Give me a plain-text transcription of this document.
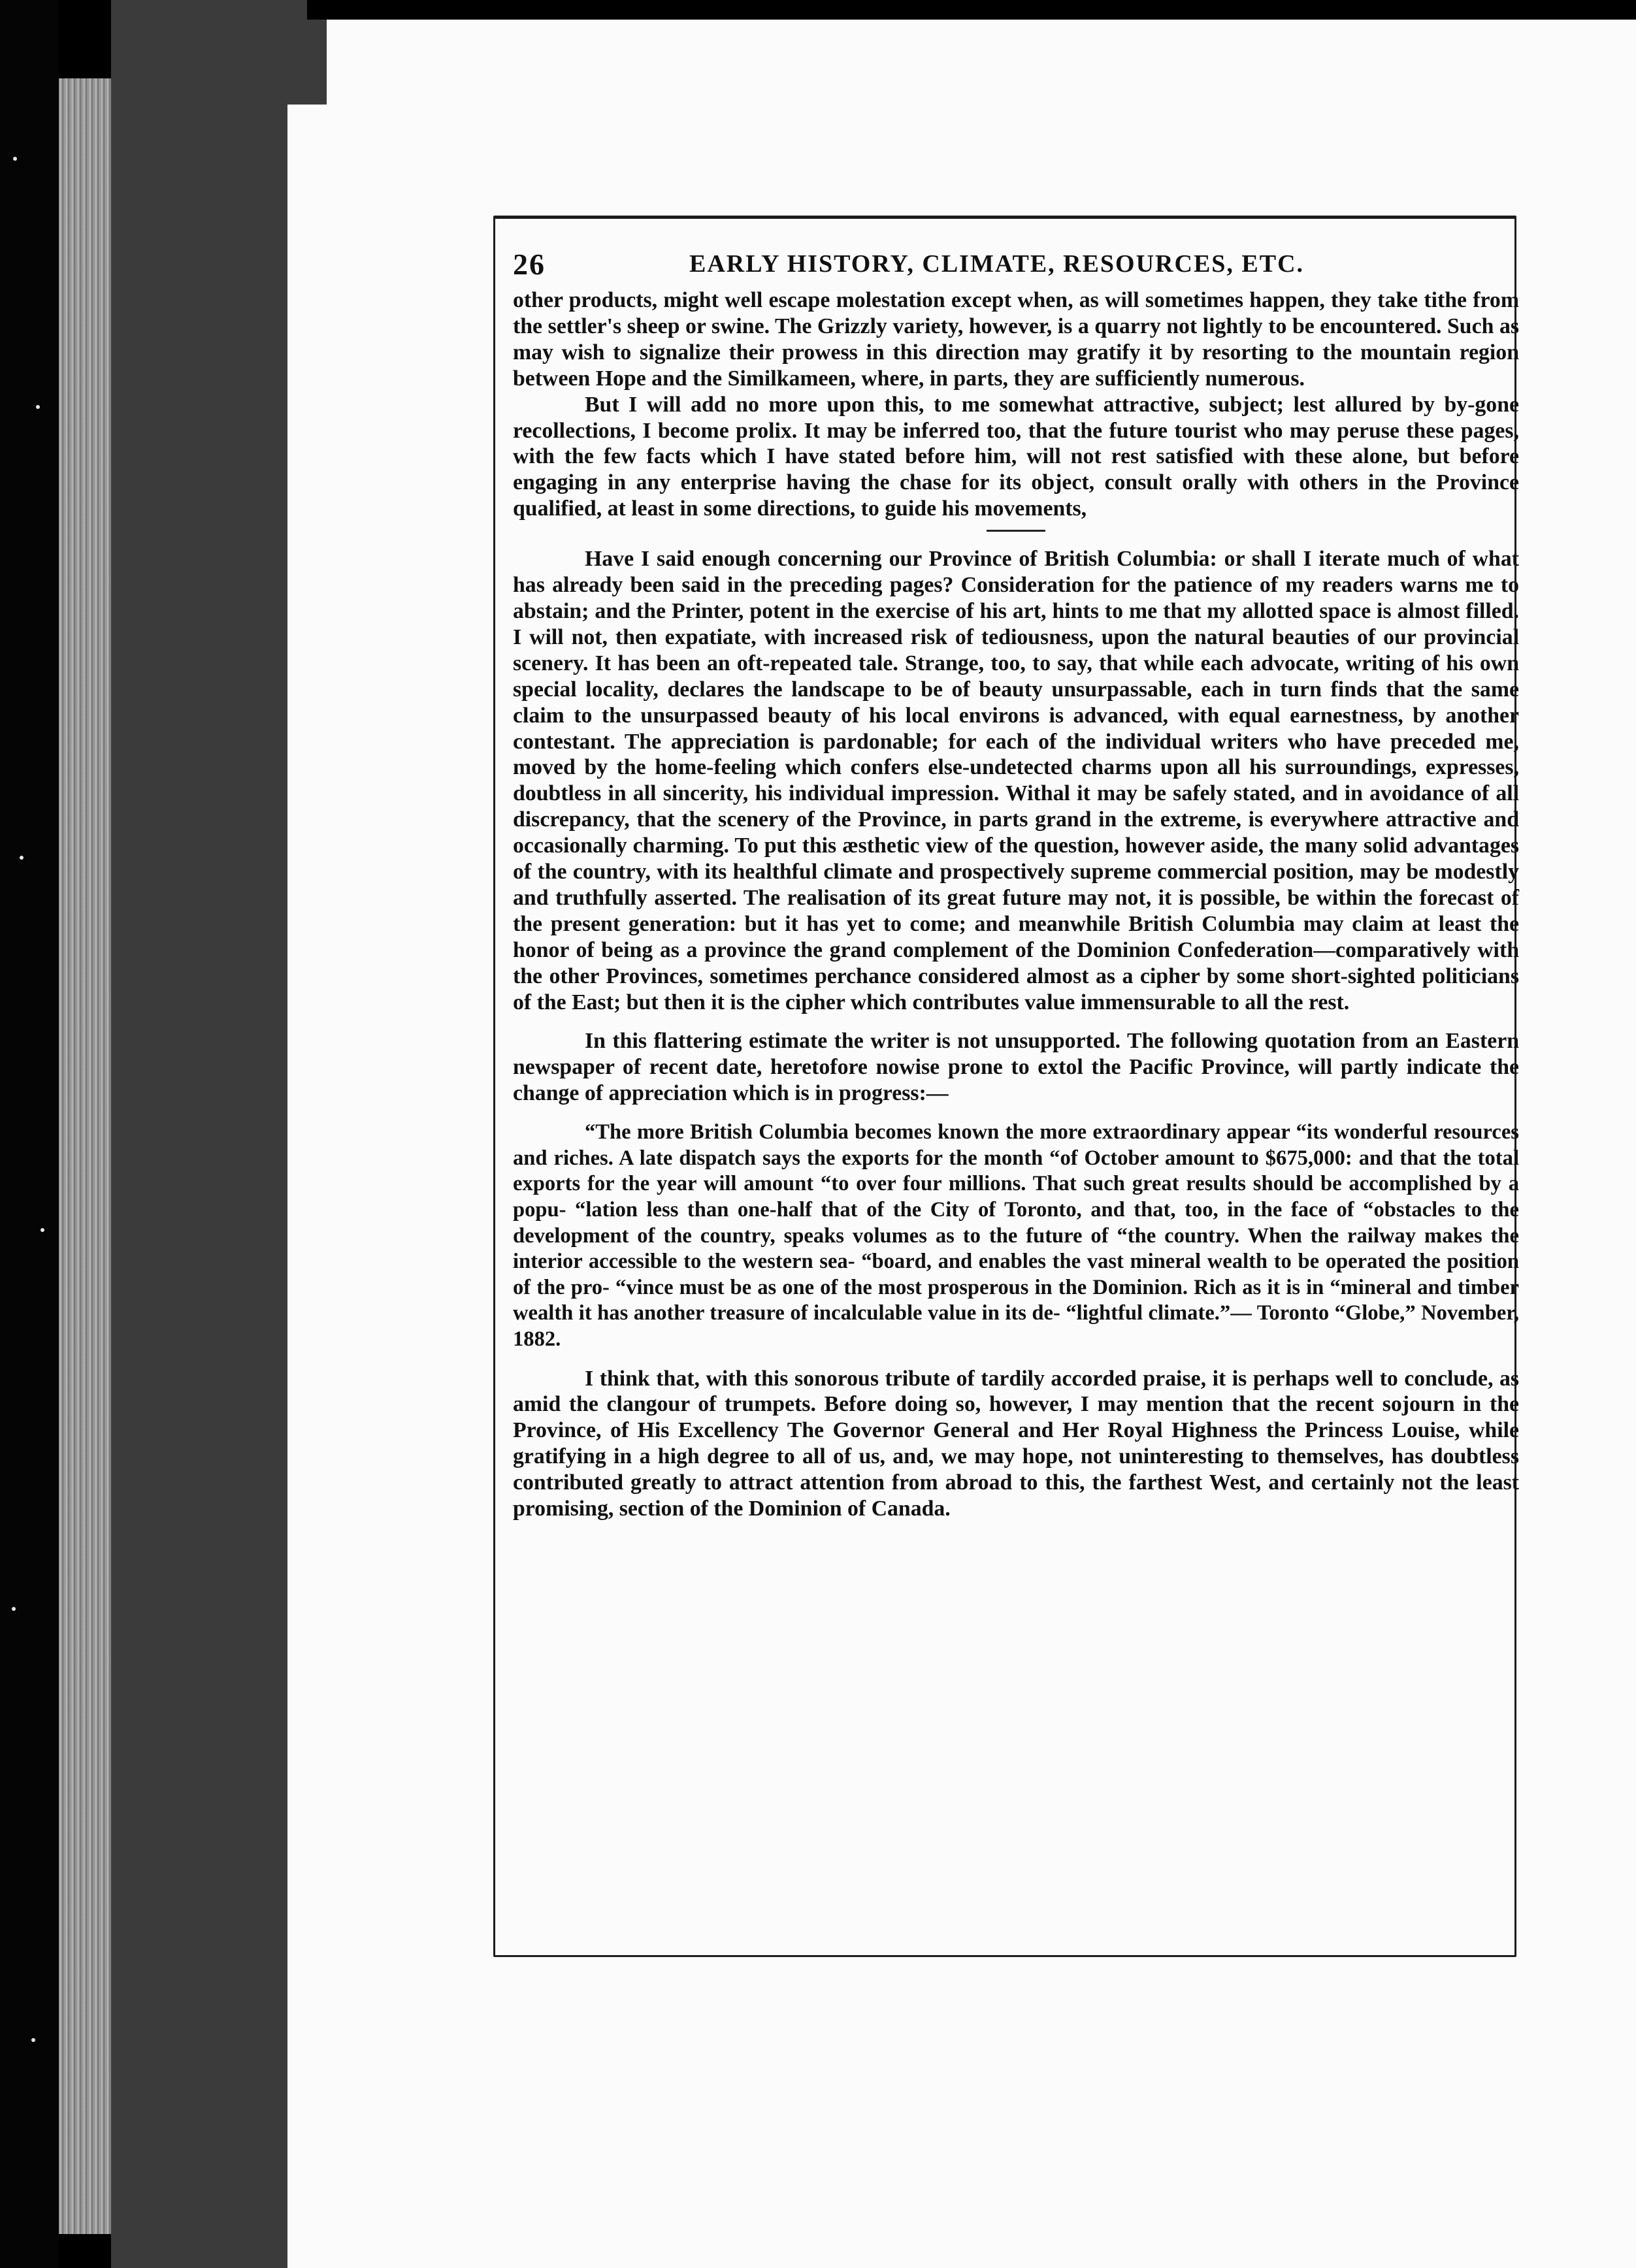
26	EARLY HISTORY, CLIMATE, RESOURCES, ETC.

other products, might well escape molestation except when, as will sometimes happen, they take tithe from the settler's sheep or swine. The Grizzly variety, however, is a quarry not lightly to be encountered. Such as may wish to signalize their prowess in this direction may gratify it by resorting to the mountain region between Hope and the Similkameen, where, in parts, they are sufficiently numerous.

But I will add no more upon this, to me somewhat attractive, subject; lest allured by by-gone recollections, I become prolix. It may be inferred too, that the future tourist who may peruse these pages, with the few facts which I have stated before him, will not rest satisfied with these alone, but before engaging in any enterprise having the chase for its object, consult orally with others in the Province qualified, at least in some directions, to guide his movements,

Have I said enough concerning our Province of British Columbia: or shall I iterate much of what has already been said in the preceding pages? Consideration for the patience of my readers warns me to abstain; and the Printer, potent in the exercise of his art, hints to me that my allotted space is almost filled. I will not, then expatiate, with increased risk of tediousness, upon the natural beauties of our provincial scenery. It has been an oft-repeated tale. Strange, too, to say, that while each advocate, writing of his own special locality, declares the landscape to be of beauty unsurpassable, each in turn finds that the same claim to the unsurpassed beauty of his local environs is advanced, with equal earnestness, by another contestant. The appreciation is pardonable; for each of the individual writers who have preceded me, moved by the home-feeling which confers else-undetected charms upon all his surroundings, expresses, doubtless in all sincerity, his individual impression. Withal it may be safely stated, and in avoidance of all discrepancy, that the scenery of the Province, in parts grand in the extreme, is everywhere attractive and occasionally charming. To put this æsthetic view of the question, however aside, the many solid advantages of the country, with its healthful climate and prospectively supreme commercial position, may be modestly and truthfully asserted. The realisation of its great future may not, it is possible, be within the forecast of the present generation: but it has yet to come; and meanwhile British Columbia may claim at least the honor of being as a province the grand complement of the Dominion Confederation—comparatively with the other Provinces, sometimes perchance considered almost as a cipher by some short-sighted politicians of the East; but then it is the cipher which contributes value immensurable to all the rest.

In this flattering estimate the writer is not unsupported. The following quotation from an Eastern newspaper of recent date, heretofore nowise prone to extol the Pacific Province, will partly indicate the change of appreciation which is in progress:—

“The more British Columbia becomes known the more extraordinary appear “its wonderful resources and riches. A late dispatch says the exports for the month “of October amount to $675,000: and that the total exports for the year will amount “to over four millions. That such great results should be accomplished by a popu- “lation less than one-half that of the City of Toronto, and that, too, in the face of “obstacles to the development of the country, speaks volumes as to the future of “the country. When the railway makes the interior accessible to the western sea- “board, and enables the vast mineral wealth to be operated the position of the pro- “vince must be as one of the most prosperous in the Dominion. Rich as it is in “mineral and timber wealth it has another treasure of incalculable value in its de- “lightful climate.”— Toronto “Globe,” November, 1882.

I think that, with this sonorous tribute of tardily accorded praise, it is perhaps well to conclude, as amid the clangour of trumpets. Before doing so, however, I may mention that the recent sojourn in the Province, of His Excellency The Governor General and Her Royal Highness the Princess Louise, while gratifying in a high degree to all of us, and, we may hope, not uninteresting to themselves, has doubtless contributed greatly to attract attention from abroad to this, the farthest West, and certainly not the least promising, section of the Dominion of Canada.
